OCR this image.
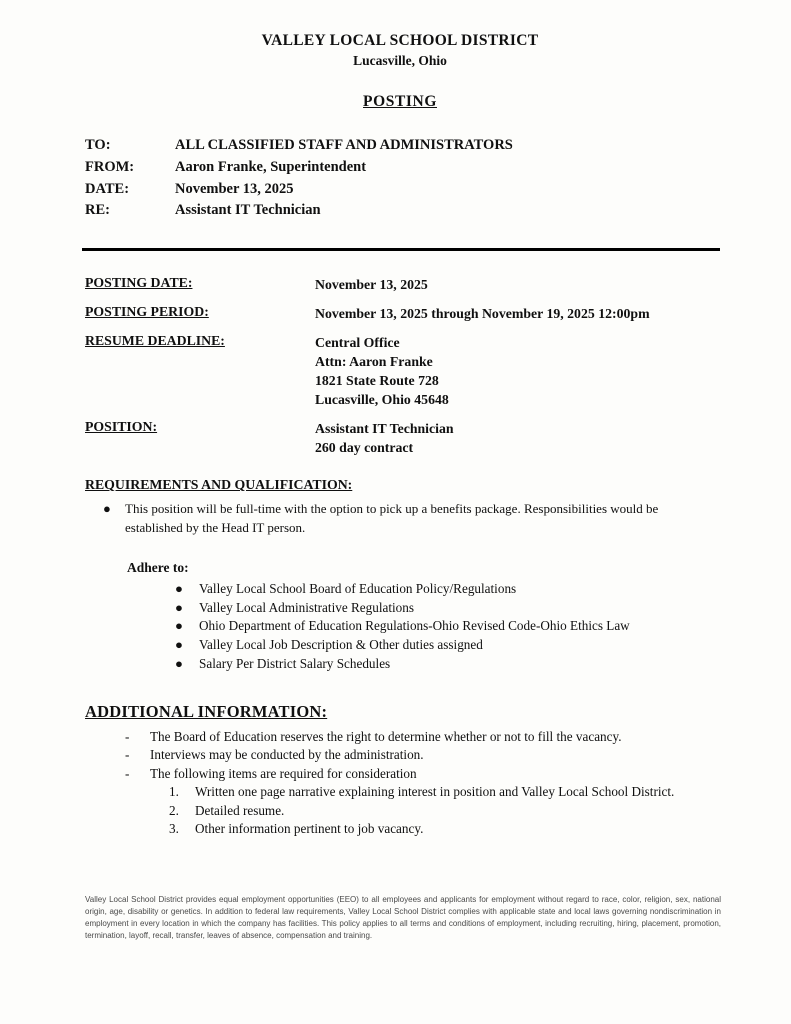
VALLEY LOCAL SCHOOL DISTRICT
Lucasville, Ohio
POSTING
TO:	ALL CLASSIFIED STAFF AND ADMINISTRATORS
FROM:	Aaron Franke, Superintendent
DATE:	November 13, 2025
RE:	Assistant IT Technician
POSTING DATE:	November 13, 2025
POSTING PERIOD:	November 13, 2025 through November 19, 2025 12:00pm
RESUME DEADLINE:	Central Office
Attn: Aaron Franke
1821 State Route 728
Lucasville, Ohio 45648
POSITION:	Assistant IT Technician
260 day contract
REQUIREMENTS AND QUALIFICATION:
●	This position will be full-time with the option to pick up a benefits package. Responsibilities would be established by the Head IT person.
Adhere to:
●	Valley Local School Board of Education Policy/Regulations
●	Valley Local Administrative Regulations
●	Ohio Department of Education Regulations-Ohio Revised Code-Ohio Ethics Law
●	Valley Local Job Description & Other duties assigned
●	Salary Per District Salary Schedules
ADDITIONAL INFORMATION:
-	The Board of Education reserves the right to determine whether or not to fill the vacancy.
-	Interviews may be conducted by the administration.
-	The following items are required for consideration
1.	Written one page narrative explaining interest in position and Valley Local School District.
2.	Detailed resume.
3.	Other information pertinent to job vacancy.
Valley Local School District provides equal employment opportunities (EEO) to all employees and applicants for employment without regard to race, color, religion, sex, national origin, age, disability or genetics. In addition to federal law requirements, Valley Local School District complies with applicable state and local laws governing nondiscrimination in employment in every location in which the company has facilities. This policy applies to all terms and conditions of employment, including recruiting, hiring, placement, promotion, termination, layoff, recall, transfer, leaves of absence, compensation and training.
